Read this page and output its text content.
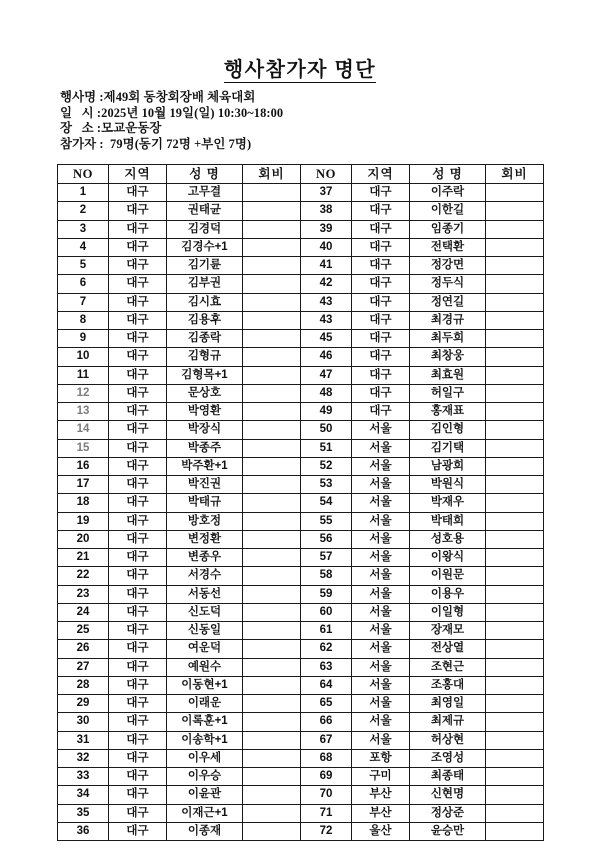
행사참가자 명단
행사명 :제49회 동창회장배 체육대회
일   시 :2025년 10월 19일(일) 10:30~18:00
장   소 :모교운동장
참가자 :  79명(동기 72명 +부인 7명)
NO	지역	성 명	회비	NO	지역	성 명	회비
1	대구	고무결		37	대구	이주락	
2	대구	권태균		38	대구	이한길	
3	대구	김경덕		39	대구	임종기	
4	대구	김경수+1		40	대구	전택환	
5	대구	김기륜		41	대구	정강면	
6	대구	김부권		42	대구	정두식	
7	대구	김시효		43	대구	정연길	
8	대구	김용후		43	대구	최경규	
9	대구	김종락		45	대구	최두희	
10	대구	김형규		46	대구	최창웅	
11	대구	김형목+1		47	대구	최효원	
12	대구	문상호		48	대구	허일구	
13	대구	박영환		49	대구	홍재표	
14	대구	박장식		50	서울	김인형	
15	대구	박종주		51	서울	김기택	
16	대구	박주환+1		52	서울	남광희	
17	대구	박진권		53	서울	박원식	
18	대구	박태규		54	서울	박재우	
19	대구	방호정		55	서울	박태희	
20	대구	변정환		56	서울	성호용	
21	대구	변종우		57	서울	이왕식	
22	대구	서경수		58	서울	이원문	
23	대구	서동선		59	서울	이용우	
24	대구	신도덕		60	서울	이일형	
25	대구	신동일		61	서울	장재모	
26	대구	여운덕		62	서울	전상열	
27	대구	예원수		63	서울	조현근	
28	대구	이동현+1		64	서울	조홍대	
29	대구	이래운		65	서울	최영일	
30	대구	이록훈+1		66	서울	최제규	
31	대구	이송학+1		67	서울	허상현	
32	대구	이우세		68	포항	조영성	
33	대구	이우승		69	구미	최종태	
34	대구	이윤관		70	부산	신현명	
35	대구	이재근+1		71	부산	정상준	
36	대구	이종재		72	울산	윤승만	
